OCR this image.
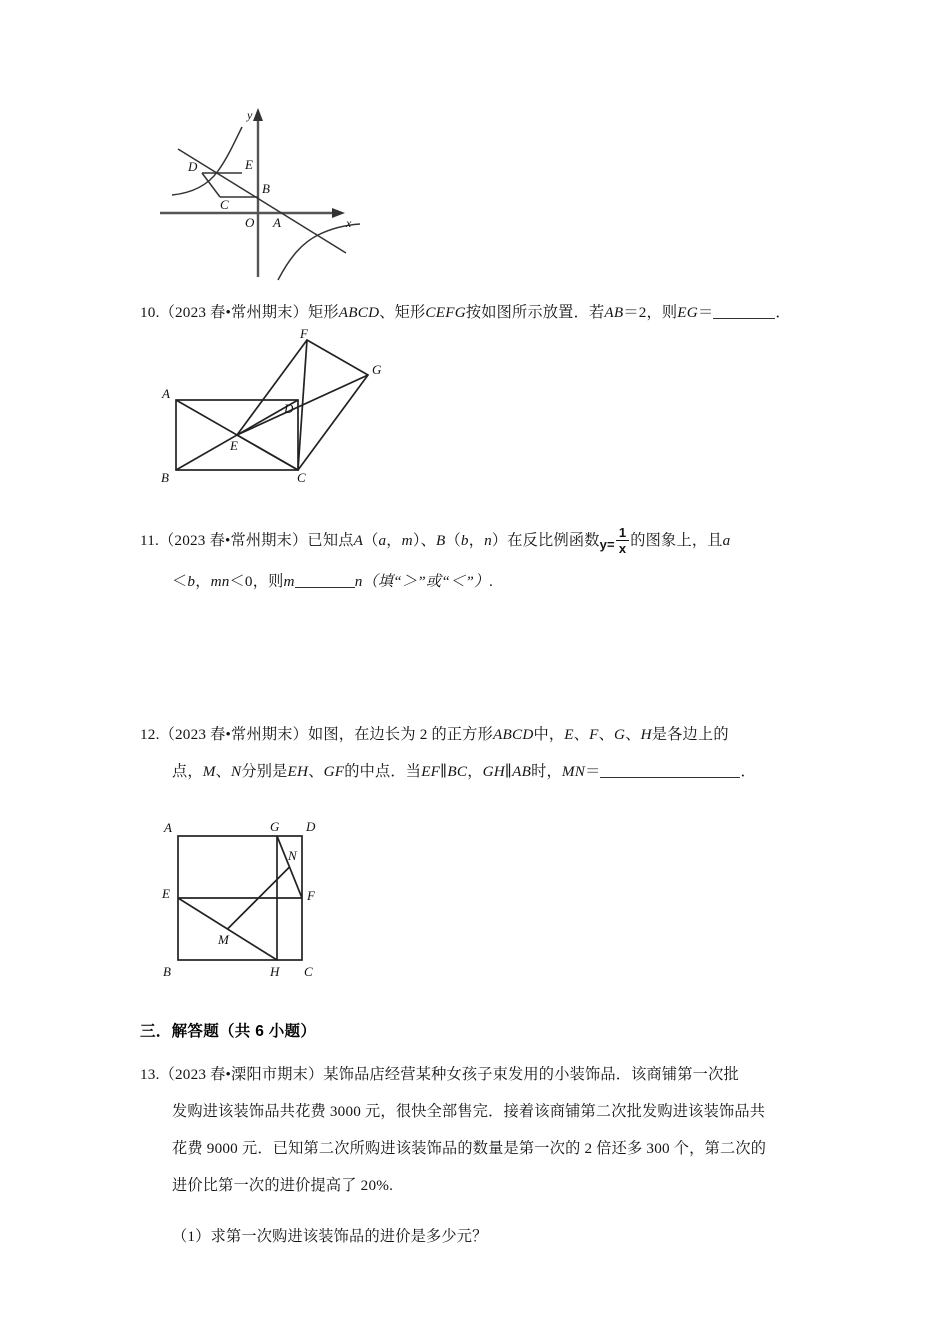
D	E
C
B
O A
y
x
10.（2023 春•常州期末）矩形ABCD、矩形CEFG按如图所示放置．若AB＝2，则EG＝	．
A
B	C
D
E
F
G
11.（2023 春•常州期末）已知点A（a，m）、B（b，n）在反比例函数$y= \frac{1}{x}$ 的图象上，且a
＜b，mn＜0，则m	n（填“＞”或“＜”）.
12.（2023 春•常州期末）如图，在边长为 2 的正方形ABCD中，E、F、G、H是各边上的
点，M、N分别是EH、GF的中点．当EF∥BC，GH∥AB时，MN＝	．
A	G D
N
E	F
M
B	H C
三．解答题（共 6 小题）
13.（2023 春•溧阳市期末）某饰品店经营某种女孩子束发用的小装饰品．该商铺第一次批
发购进该装饰品共花费 3000 元，很快全部售完．接着该商铺第二次批发购进该装饰品共
花费 9000 元．已知第二次所购进该装饰品的数量是第一次的 2 倍还多 300 个，第二次的
进价比第一次的进价提高了 20%.
（1）求第一次购进该装饰品的进价是多少元？
